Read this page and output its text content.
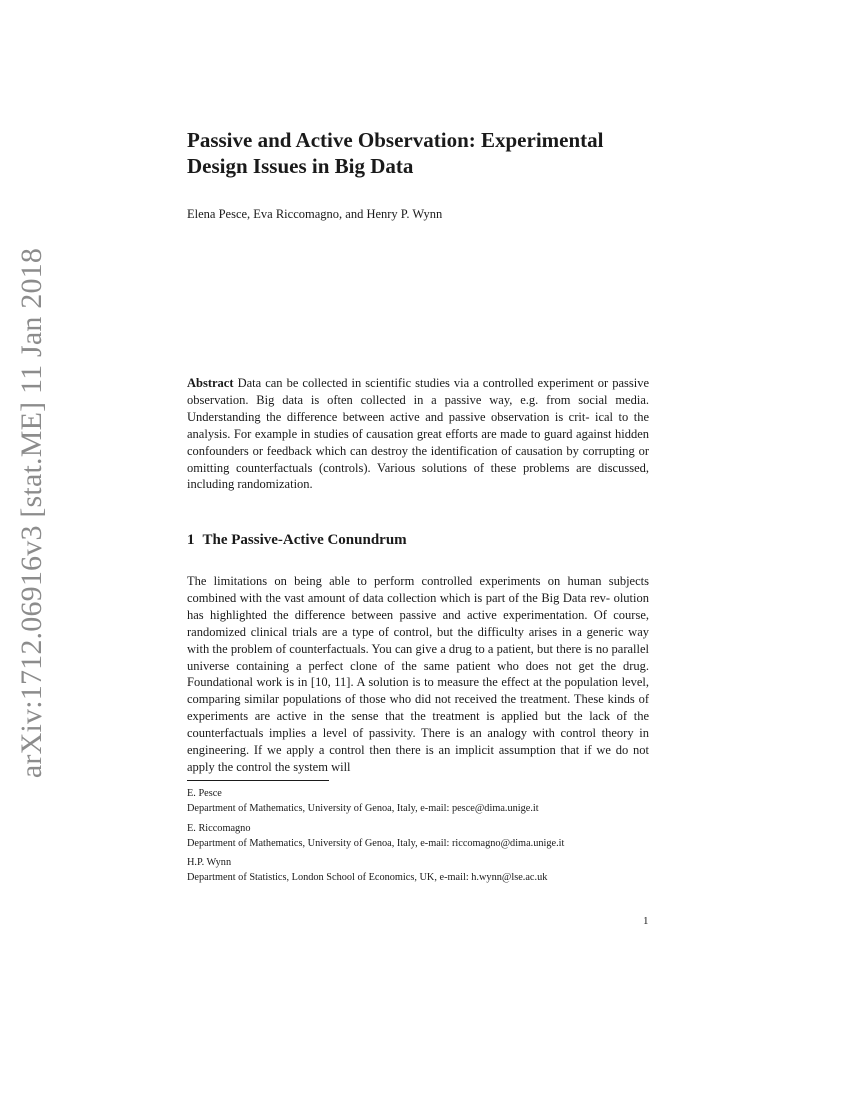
arXiv:1712.06916v3 [stat.ME] 11 Jan 2018
Passive and Active Observation: Experimental Design Issues in Big Data

Elena Pesce, Eva Riccomagno, and Henry P. Wynn

Abstract Data can be collected in scientific studies via a controlled experiment or passive observation. Big data is often collected in a passive way, e.g. from social media. Understanding the difference between active and passive observation is crit- ical to the analysis. For example in studies of causation great efforts are made to guard against hidden confounders or feedback which can destroy the identification of causation by corrupting or omitting counterfactuals (controls). Various solutions of these problems are discussed, including randomization.

1 The Passive-Active Conundrum

The limitations on being able to perform controlled experiments on human subjects combined with the vast amount of data collection which is part of the Big Data rev- olution has highlighted the difference between passive and active experimentation. Of course, randomized clinical trials are a type of control, but the difficulty arises in a generic way with the problem of counterfactuals. You can give a drug to a patient, but there is no parallel universe containing a perfect clone of the same patient who does not get the drug. Foundational work is in [10, 11]. A solution is to measure the effect at the population level, comparing similar populations of those who did not received the treatment. These kinds of experiments are active in the sense that the treatment is applied but the lack of the counterfactuals implies a level of passivity. There is an analogy with control theory in engineering. If we apply a control then there is an implicit assumption that if we do not apply the control the system will

E. Pesce
Department of Mathematics, University of Genoa, Italy, e-mail: pesce@dima.unige.it
E. Riccomagno
Department of Mathematics, University of Genoa, Italy, e-mail: riccomagno@dima.unige.it
H.P. Wynn
Department of Statistics, London School of Economics, UK, e-mail: h.wynn@lse.ac.uk

1
